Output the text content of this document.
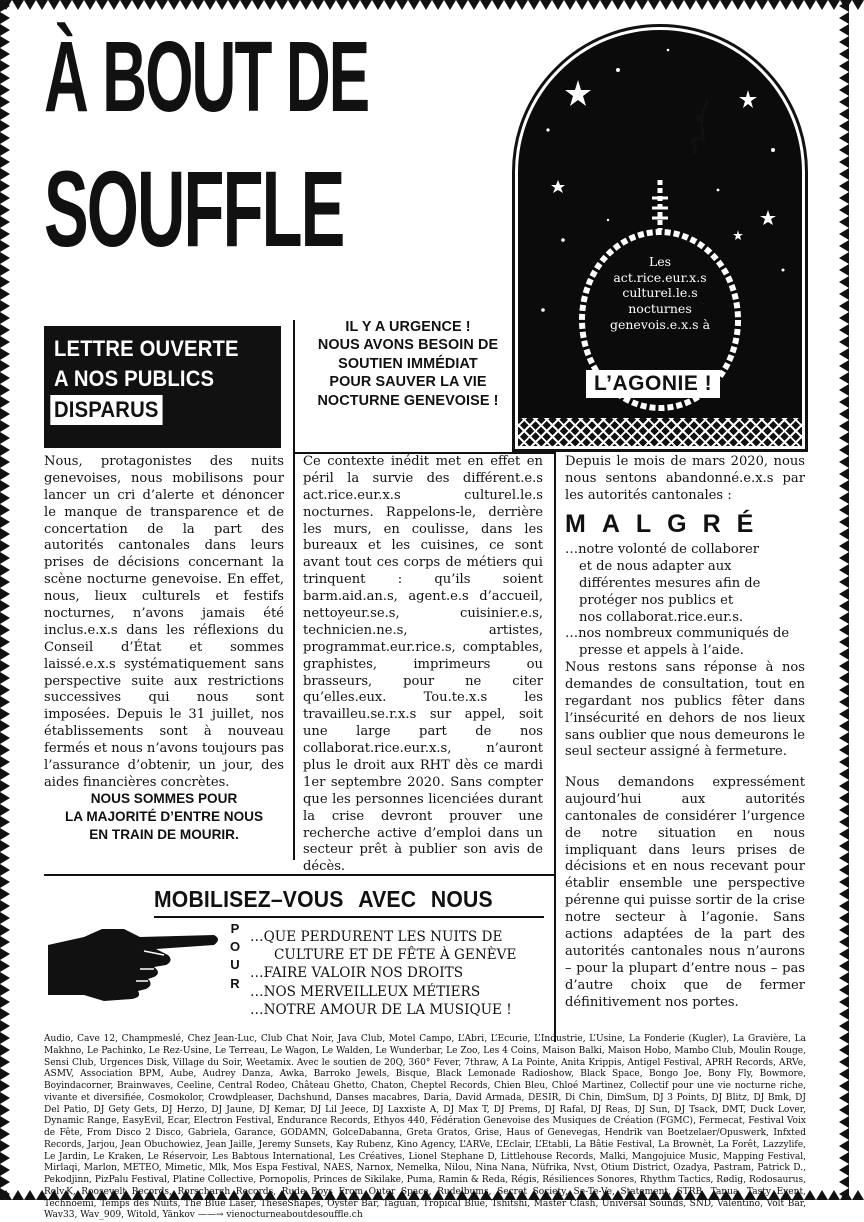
À BOUT DE
SOUFFLE	Les
act.rice.eur.x.s
culturel.le.s
nocturnes
genevois.e.x.s à
L’AGONIE !
LETTRE OUVERTE
A NOS PUBLICS
DISPARUS
IL Y A URGENCE !
NOUS AVONS BESOIN DE
SOUTIEN IMMÉDIAT
POUR SAUVER LA VIE
NOCTURNE GENEVOISE !

Nous, protagonistes des nuits genevoises, nous mobilisons pour lancer un cri d’alerte et dénoncer le manque de transparence et de concertation de la part des autorités cantonales dans leurs prises de décisions concernant la scène nocturne genevoise. En effet, nous, lieux culturels et festifs nocturnes, n’avons jamais été inclus.e.x.s dans les réflexions du Conseil d’État et sommes laissé.e.x.s systématiquement sans perspective suite aux restrictions successives qui nous sont imposées. Depuis le 31 juillet, nos établissements sont à nouveau fermés et nous n’avons toujours pas l’assurance d’obtenir, un jour, des aides financières concrètes.

NOUS SOMMES POUR
LA MAJORITÉ D’ENTRE NOUS
EN TRAIN DE MOURIR.

Ce contexte inédit met en effet en péril la survie des différent.e.s act.rice.eur.x.s culturel.le.s nocturnes. Rappelons-le, derrière les murs, en coulisse, dans les bureaux et les cuisines, ce sont avant tout ces corps de métiers qui trinquent : qu’ils soient barm.aid.an.s, agent.e.s d’accueil, nettoyeur.se.s, cuisinier.e.s, technicien.ne.s, artistes, programmat.eur.rice.s, comptables, graphistes, imprimeurs ou brasseurs, pour ne citer qu’elles.eux. Tou.te.x.s les travailleu.se.r.x.s sur appel, soit une large part de nos collaborat.rice.eur.x.s, n’auront plus le droit aux RHT dès ce mardi 1er septembre 2020. Sans compter que les personnes licenciées durant la crise devront prouver une recherche active d’emploi dans un secteur prêt à publier son avis de décès.

Depuis le mois de mars 2020, nous nous sentons abandonné.e.x.s par les autorités cantonales :

MALGRÉ
…notre volonté de collaborer
et de nous adapter aux
différentes mesures afin de
protéger nos publics et
nos collaborat.rice.eur.s.
…nos nombreux communiqués de
presse et appels à l’aide.
Nous restons sans réponse à nos demandes de consultation, tout en regardant nos publics fêter dans l’insécurité en dehors de nos lieux sans oublier que nous demeurons le seul secteur assigné à fermeture.
Nous demandons expressément aujourd’hui aux autorités cantonales de considérer l’urgence de notre situation en nous impliquant dans leurs prises de décisions et en nous recevant pour établir ensemble une perspective pérenne qui puisse sortir de la crise notre secteur à l’agonie. Sans actions adaptées de la part des autorités cantonales nous n’aurons – pour la plupart d’entre nous – pas d’autre choix que de fermer définitivement nos portes.
MOBILISEZ–VOUS AVEC NOUS
P
O
U
R
…QUE PERDURENT LES NUITS DE
CULTURE ET DE FÊTE À GENÈVE
…FAIRE VALOIR NOS DROITS
…NOS MERVEILLEUX MÉTIERS
…NOTRE AMOUR DE LA MUSIQUE !
Audio, Cave 12, Champmeslé, Chez Jean-Luc, Club Chat Noir, Java Club, Motel Campo, L’Abri, L’Ecurie, L’Industrie, L’Usine, La Fonderie (Kugler), La Gravière, La Makhno, Le Pachinko, Le Rez-Usine, Le Terreau, Le Wagon, Le Walden, Le Wunderbar, Le Zoo, Les 4 Coins, Maison Balki, Maison Hobo, Mambo Club, Moulin Rouge, Sensi Club, Urgences Disk, Village du Soir, Weetamix. Avec le soutien de 20Q, 360° Fever, 7thraw, A La Pointe, Anita Krippis, Antigel Festival, APRH Records, ARVe, ASMV, Association BPM, Aube, Audrey Danza, Awka, Barroko Jewels, Bisque, Black Lemonade Radioshow, Black Space, Bongo Joe, Bony Fly, Bowmore, Boyindacorner, Brainwaves, Ceeline, Central Rodeo, Château Ghetto, Chaton, Cheptel Records, Chien Bleu, Chloé Martinez, Collectif pour une vie nocturne riche, vivante et diversifiée, Cosmokolor, Crowdpleaser, Dachshund, Danses macabres, Daria, David Armada, DESIR, Di Chin, DimSum, DJ 3 Points, DJ Blitz, DJ Bmk, DJ Del Patio, DJ Gety Gets, DJ Herzo, DJ Jaune, DJ Kemar, DJ Lil Jeece, DJ Laxxiste A, DJ Max T, DJ Prems, DJ Rafal, DJ Reas, DJ Sun, DJ Tsack, DMT, Duck Lover, Dynamic Range, EasyEvil, Ecar, Electron Festival, Endurance Records, Ethyos 440, Fédération Genevoise des Musiques de Création (FGMC), Fermecat, Festival Voix de Fête, From Disco 2 Disco, Gabriela, Garance, GODAMN, GolceDabanna, Greta Gratos, Grise, Haus of Genevegas, Hendrik van Boetzelaer/Opuswerk, Infxted Records, Jarjou, Jean Obuchowiez, Jean Jaille, Jeremy Sunsets, Kay Rubenz, Kino Agency, L’ARVe, L’Eclair, L’Etabli, La Bâtie Festival, La Brownèt, La Forêt, Lazzylife, Le Jardin, Le Kraken, Le Réservoir, Les Babtous International, Les Créatives, Lionel Stephane D, Littlehouse Records, Malki, Mangojuice Music, Mapping Festival, Mirlaqi, Marlon, METEO, Mimetic, Mlk, Mos Espa Festival, NAES, Narnox, Nemelka, Nilou, Nina Nana, Nüfrika, Nvst, Otium District, Ozadya, Pastram, Patrick D., Pekodjinn, PizPalu Festival, Platine Collective, Pornopolis, Princes de Sikilake, Puma, Ramin & Reda, Régis, Résiliences Sonores, Rhythm Tactics, Rødig, Rodosaurus, Rolv.K, Roosevelt Records, Rorscharch Records, Rude Boys From Outer Space, Rudelbums, Secret Society, Se-Te-Ve, Statement, STRB, Tanua, Tasty Event, Technoemi, Temps des Nuits, The Blue Laser, TheseShapes, Oyster Bar, Taguan, Tropical Blue, Tshitshi, Master Clash, Universal Sounds, SND, Valentino, Volt Bar, Wav33, Wav_909, Witold, Yänkov ——→ vienocturneaboutdesouffle.ch
